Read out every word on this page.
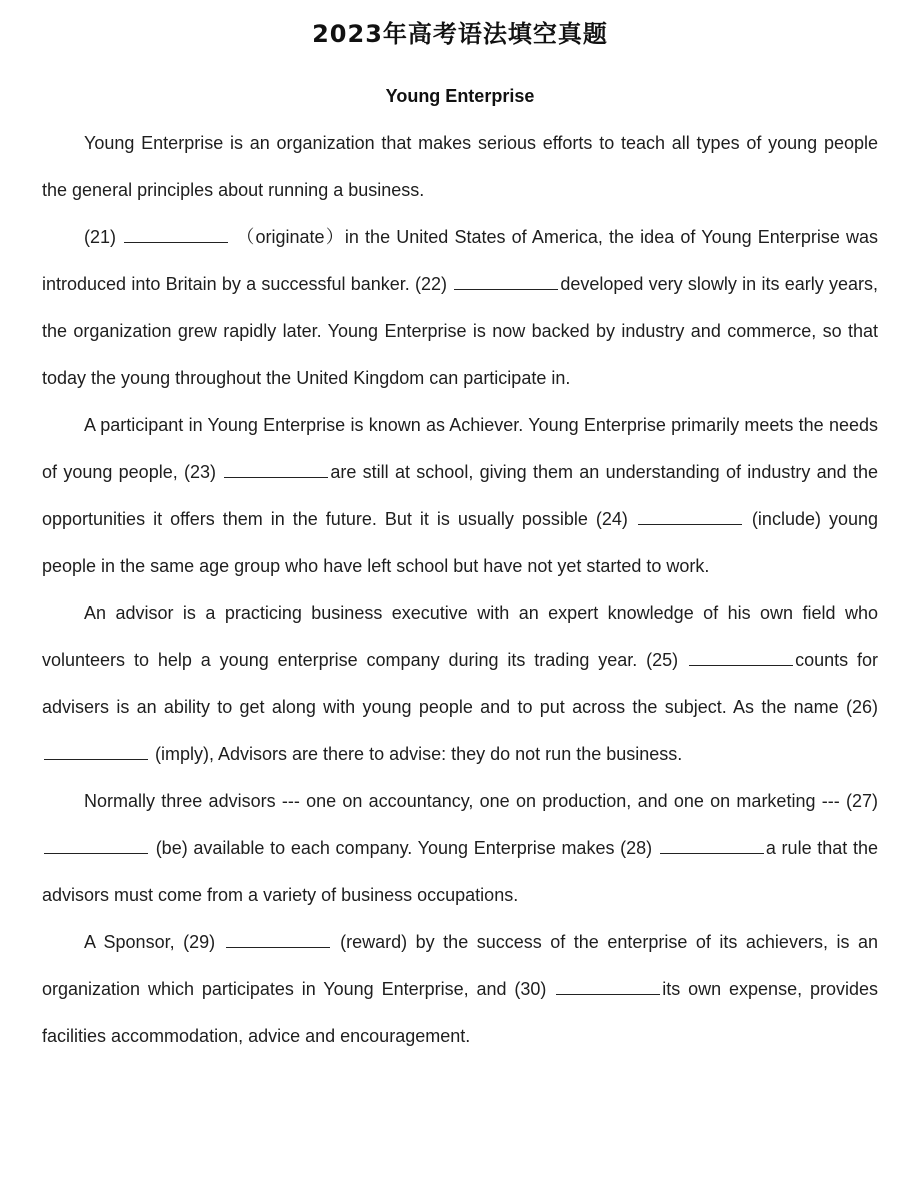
2023年高考语法填空真题
Young Enterprise

Young Enterprise is an organization that makes serious efforts to teach all types of young people the general principles about running a business.

(21)	（originate）in the United States of America, the idea of Young Enterprise was introduced into Britain by a successful banker. (22)	developed very slowly in its early years, the organization grew rapidly later. Young Enterprise is now backed by industry and commerce, so that today the young throughout the United Kingdom can participate in.

A participant in Young Enterprise is known as Achiever. Young Enterprise primarily meets the needs of young people, (23)	are still at school, giving them an understanding of industry and the opportunities it offers them in the future. But it is usually possible (24)	(include) young people in the same age group who have left school but have not yet started to work.

An advisor is a practicing business executive with an expert knowledge of his own field who volunteers to help a young enterprise company during its trading year. (25)	counts for advisers is an ability to get along with young people and to put across the subject. As the name (26)  (imply), Advisors are there to advise: they do not run the business.

Normally three advisors --- one on accountancy, one on production, and one on marketing --- (27)  (be) available to each company. Young Enterprise makes (28)	a rule that the advisors must come from a variety of business occupations.

A Sponsor, (29)	(reward) by the success of the enterprise of its achievers, is an organization which participates in Young Enterprise, and (30)	its own expense, provides facilities accommodation, advice and encouragement.
